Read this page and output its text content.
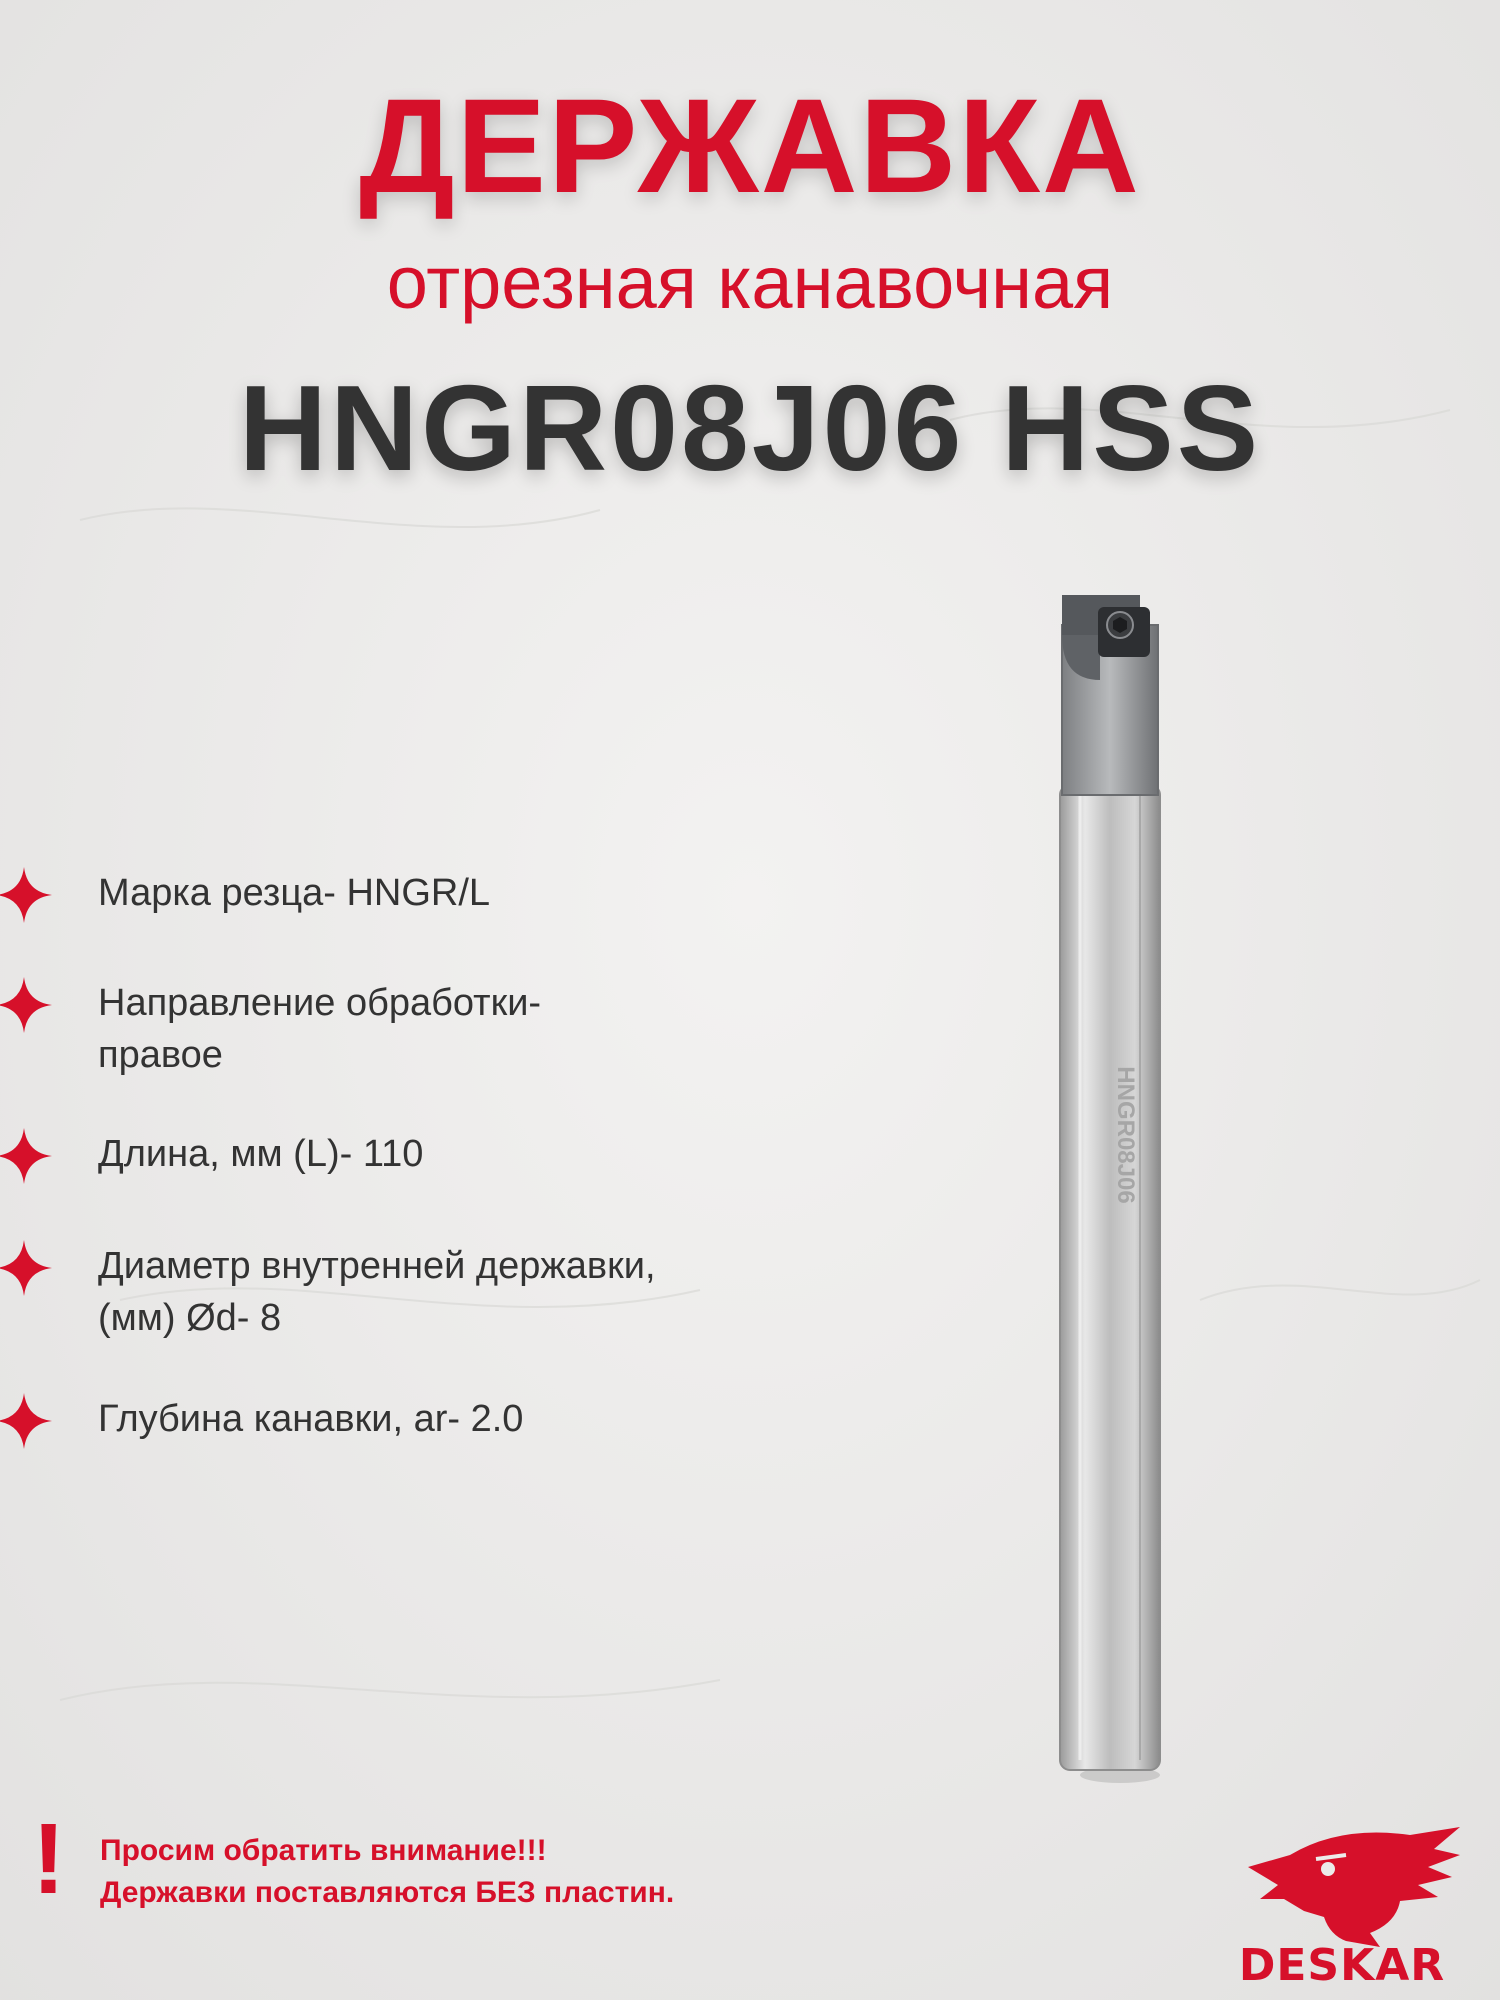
ДЕРЖАВКА
отрезная канавочная
HNGR08J06 HSS
Марка резца- HNGR/L
Направление обработки-
правое
Длина, мм (L)- 110
Диаметр внутренней державки,
(мм) Ød- 8
Глубина канавки, ar- 2.0
HNGR08J06
! Просим обратить внимание!!!
Державки поставляются БЕЗ пластин.
DESKAR
